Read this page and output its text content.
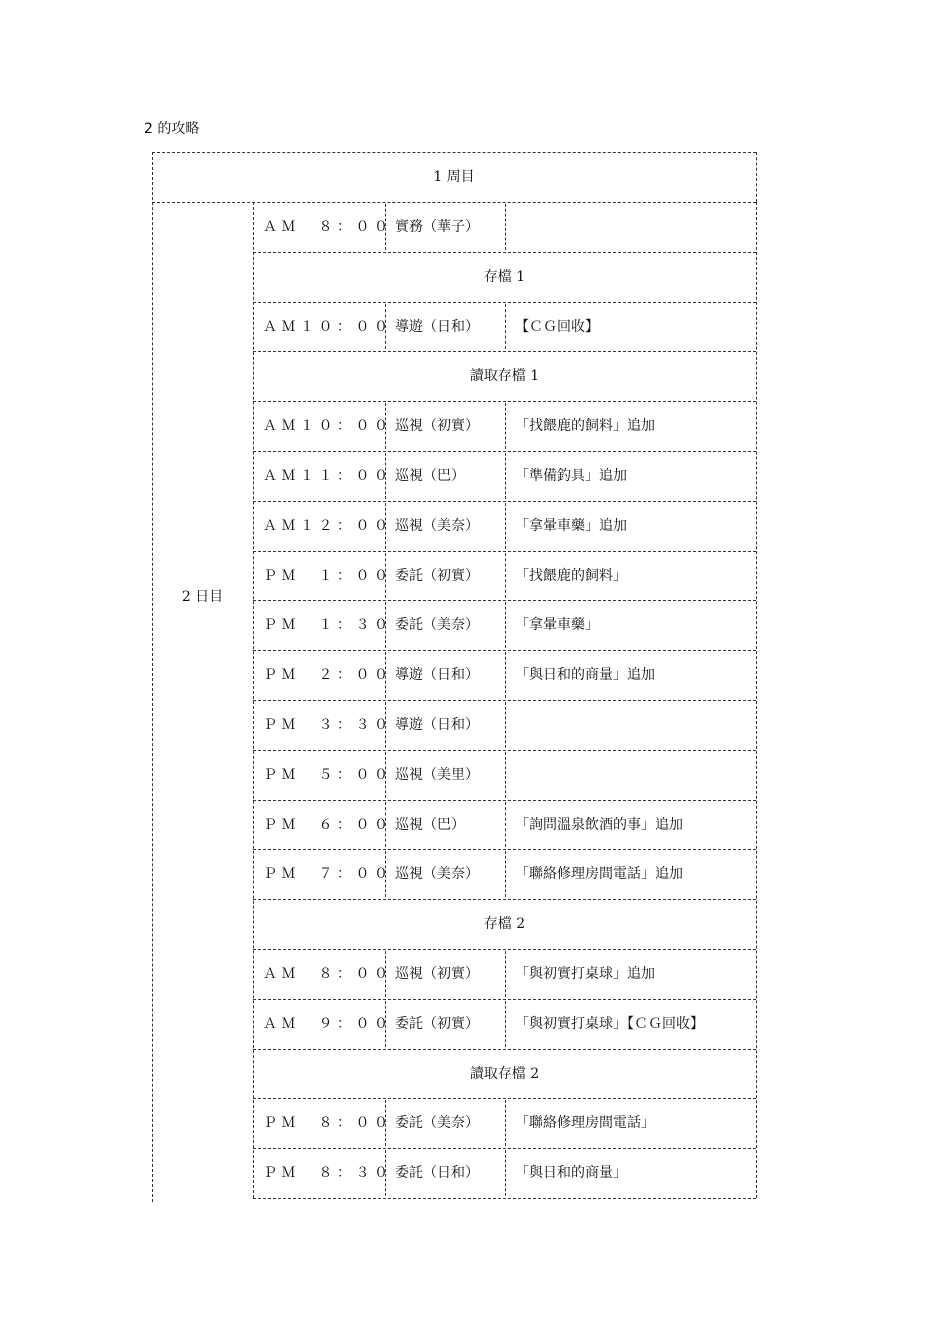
2 的攻略
1 周目
2 日目
ＡＭ　８：００ 實務（華子）
存檔 1
ＡＭ１０：００ 導遊（日和）	【ＣＧ回收】
讀取存檔 1
ＡＭ１０：００ 巡視（初實）	「找餵鹿的飼料」追加
ＡＭ１１：００ 巡視（巴）	「準備釣具」追加
ＡＭ１２：００ 巡視（美奈）	「拿暈車藥」追加
ＰＭ　１：００ 委託（初實）	「找餵鹿的飼料」
ＰＭ　１：３０ 委託（美奈）	「拿暈車藥」
ＰＭ　２：００ 導遊（日和）	「與日和的商量」追加
ＰＭ　３：３０ 導遊（日和）
ＰＭ　５：００ 巡視（美里）
ＰＭ　６：００ 巡視（巴）	「詢問溫泉飲酒的事」追加
ＰＭ　７：００ 巡視（美奈）	「聯絡修理房間電話」追加
存檔 2
ＡＭ　８：００ 巡視（初實）	「與初實打桌球」追加
ＡＭ　９：００ 委託（初實）	「與初實打桌球」【ＣＧ回收】
讀取存檔 2
ＰＭ　８：００ 委託（美奈）	「聯絡修理房間電話」
ＰＭ　８：３０ 委託（日和）	「與日和的商量」
